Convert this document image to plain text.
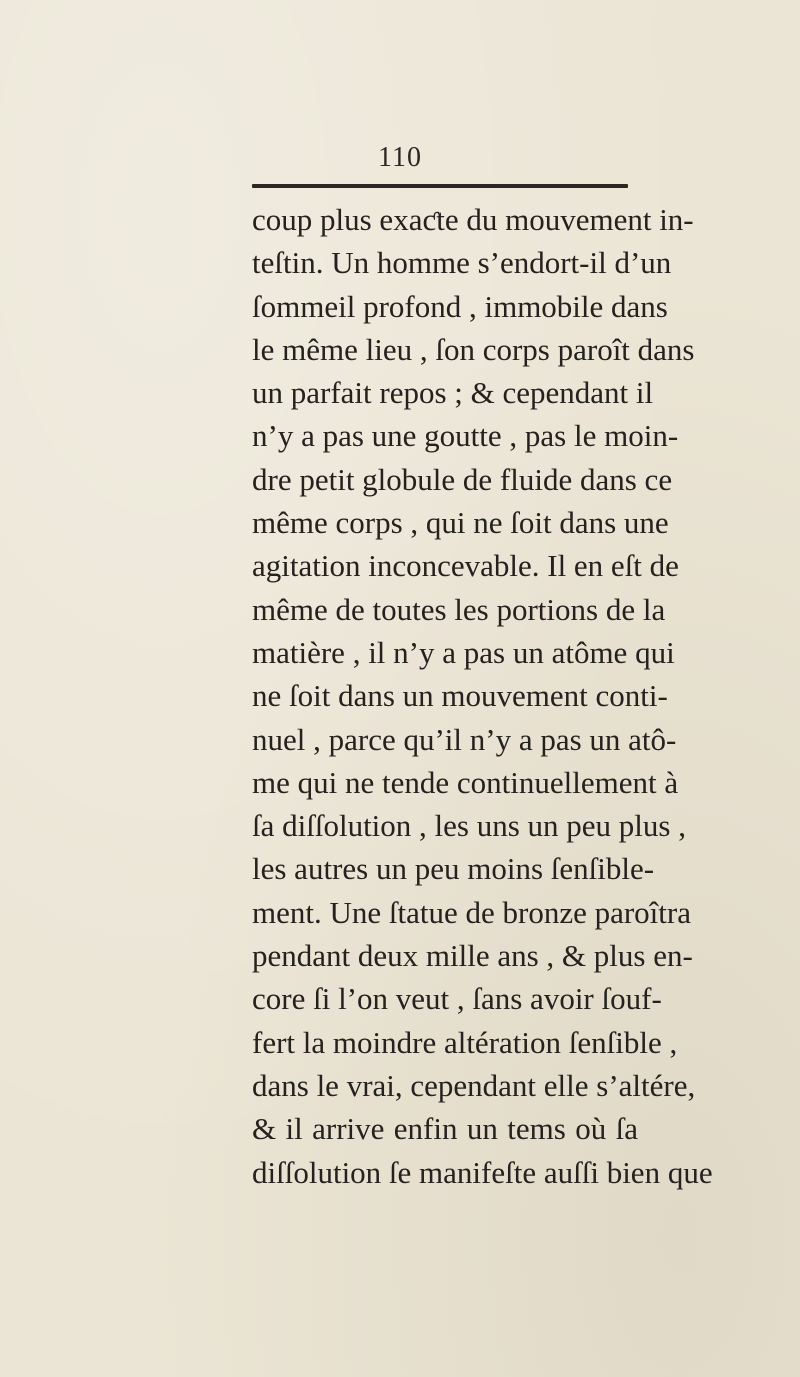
110
coup plus exaƈte du mouvement in-
teſtin. Un homme s’endort-il d’un
ſommeil profond , immobile dans
le même lieu , ſon corps paroît dans
un parfait repos ; & cependant il
n’y a pas une goutte , pas le moin-
dre petit globule de fluide dans ce
même corps , qui ne ſoit dans une
agitation inconcevable. Il en eſt de
même de toutes les portions de la
matière , il n’y a pas un atôme qui
ne ſoit dans un mouvement conti-
nuel , parce qu’il n’y a pas un atô-
me qui ne tende continuellement à
ſa diſſolution , les uns un peu plus ,
les autres un peu moins ſenſible-
ment. Une ſtatue de bronze paroîtra
pendant deux mille ans , & plus en-
core ſi l’on veut , ſans avoir ſouf-
fert la moindre altération ſenſible ,
dans le vrai, cependant elle s’altére,
& il arrive enfin un tems où ſa
diſſolution ſe manifeſte auſſi bien que
